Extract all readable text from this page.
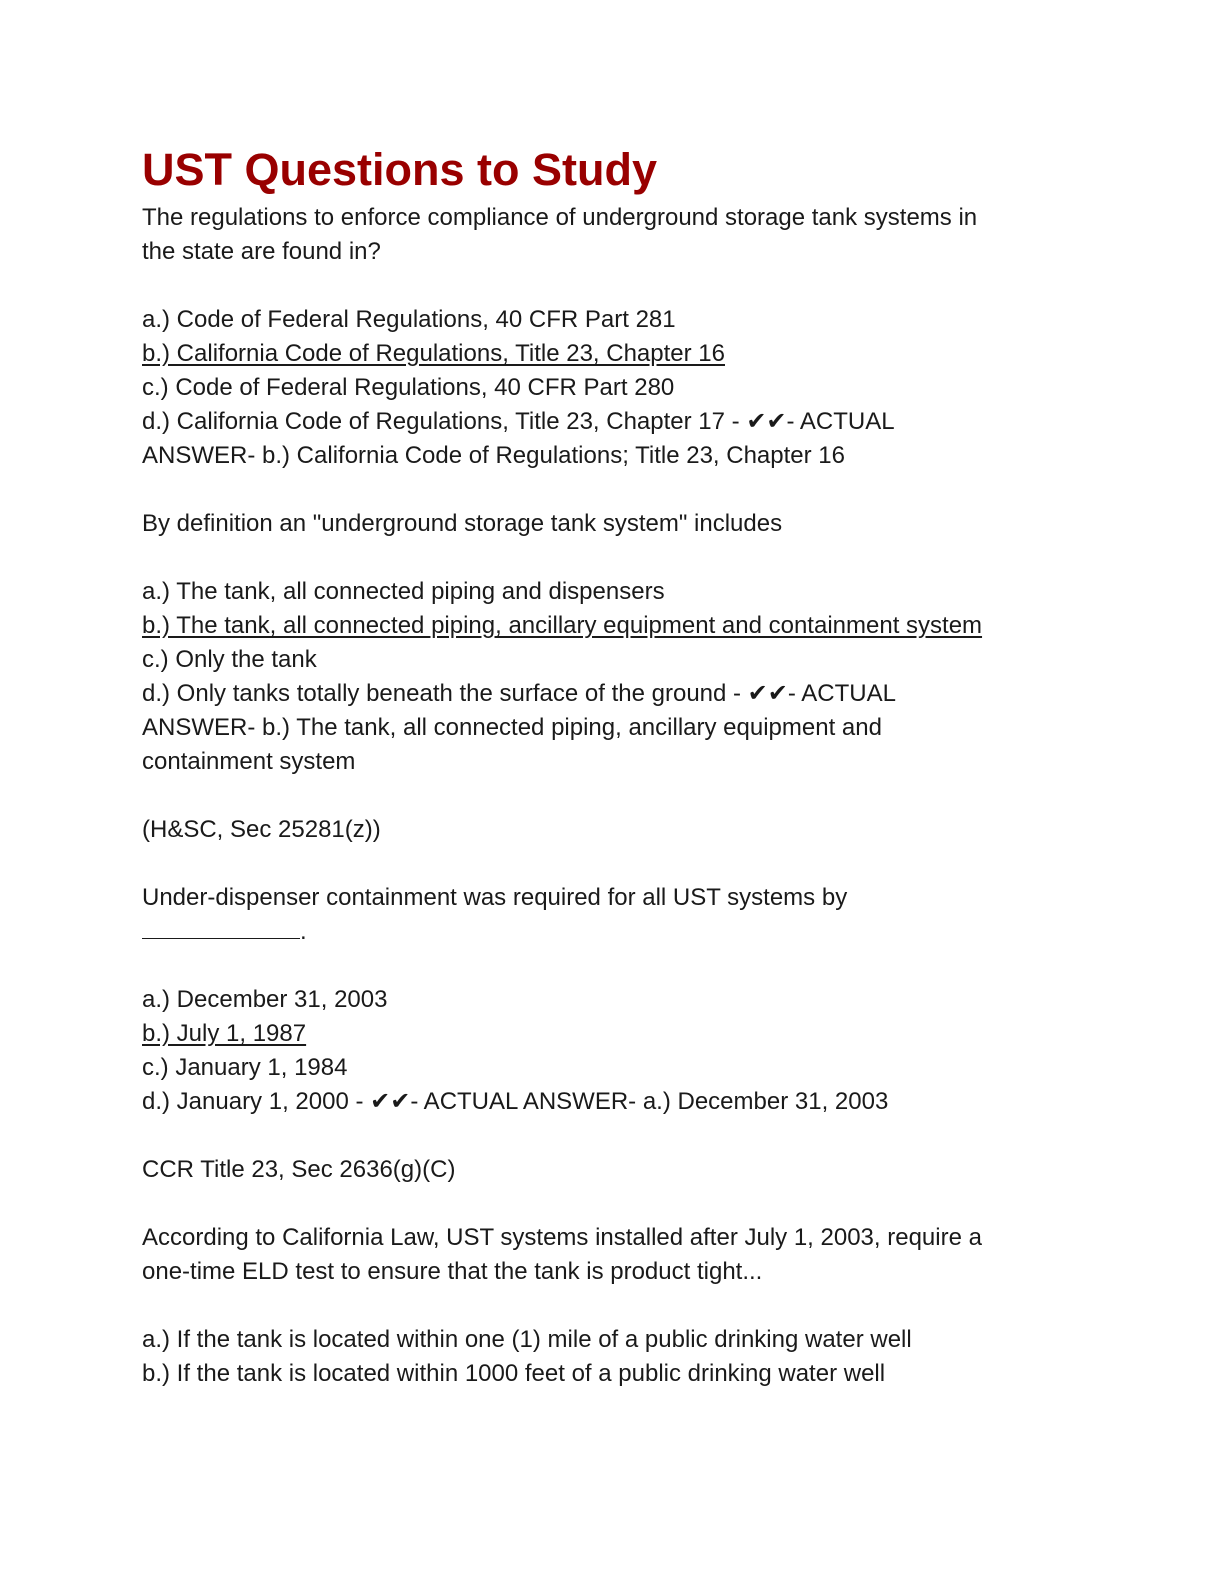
UST Questions to Study
The regulations to enforce compliance of underground storage tank systems in
the state are found in?
a.) Code of Federal Regulations, 40 CFR Part 281
b.) California Code of Regulations, Title 23, Chapter 16
c.) Code of Federal Regulations, 40 CFR Part 280
d.) California Code of Regulations, Title 23, Chapter 17 - ✔✔- ACTUAL
ANSWER- b.) California Code of Regulations; Title 23, Chapter 16
By definition an "underground storage tank system" includes
a.) The tank, all connected piping and dispensers
b.) The tank, all connected piping, ancillary equipment and containment system
c.) Only the tank
d.) Only tanks totally beneath the surface of the ground - ✔✔- ACTUAL
ANSWER- b.) The tank, all connected piping, ancillary equipment and
containment system
(H&SC, Sec 25281(z))
Under-dispenser containment was required for all UST systems by
.
a.) December 31, 2003
b.) July 1, 1987
c.) January 1, 1984
d.) January 1, 2000 - ✔✔- ACTUAL ANSWER- a.) December 31, 2003
CCR Title 23, Sec 2636(g)(C)
According to California Law, UST systems installed after July 1, 2003, require a
one-time ELD test to ensure that the tank is product tight...
a.) If the tank is located within one (1) mile of a public drinking water well
b.) If the tank is located within 1000 feet of a public drinking water well
